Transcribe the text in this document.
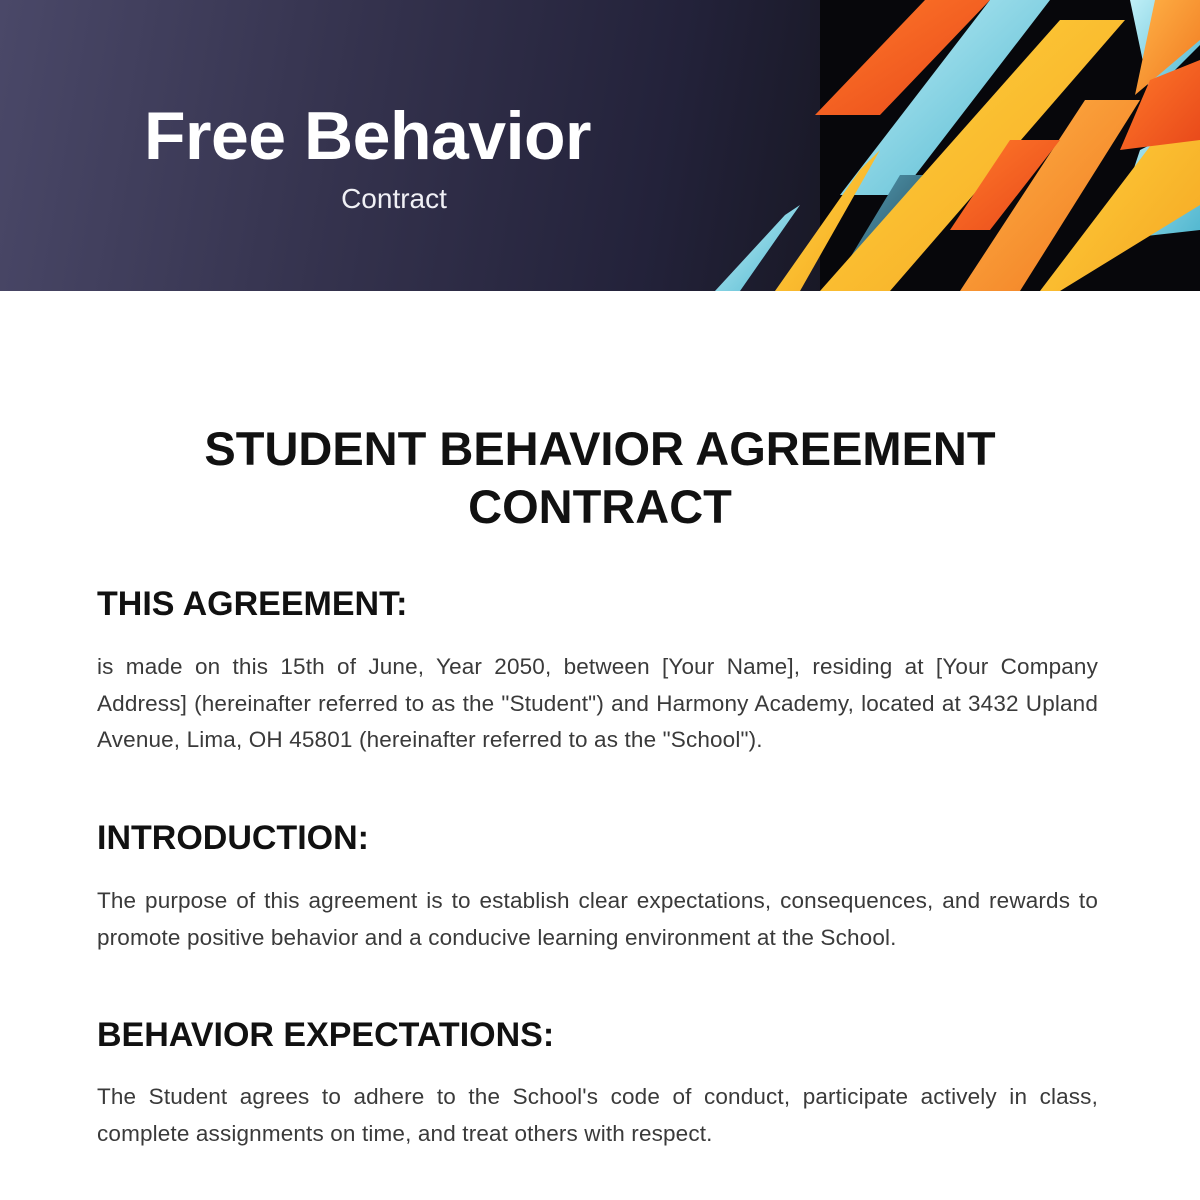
Free Behavior
Contract
STUDENT BEHAVIOR AGREEMENT
CONTRACT
THIS AGREEMENT:
is made on this 15th of June, Year 2050, between [Your Name], residing at [Your Company Address] (hereinafter referred to as the "Student") and Harmony Academy, located at 3432 Upland Avenue, Lima, OH 45801 (hereinafter referred to as the "School").
INTRODUCTION:
The purpose of this agreement is to establish clear expectations, consequences, and rewards to promote positive behavior and a conducive learning environment at the School.
BEHAVIOR EXPECTATIONS:
The Student agrees to adhere to the School's code of conduct, participate actively in class, complete assignments on time, and treat others with respect.
